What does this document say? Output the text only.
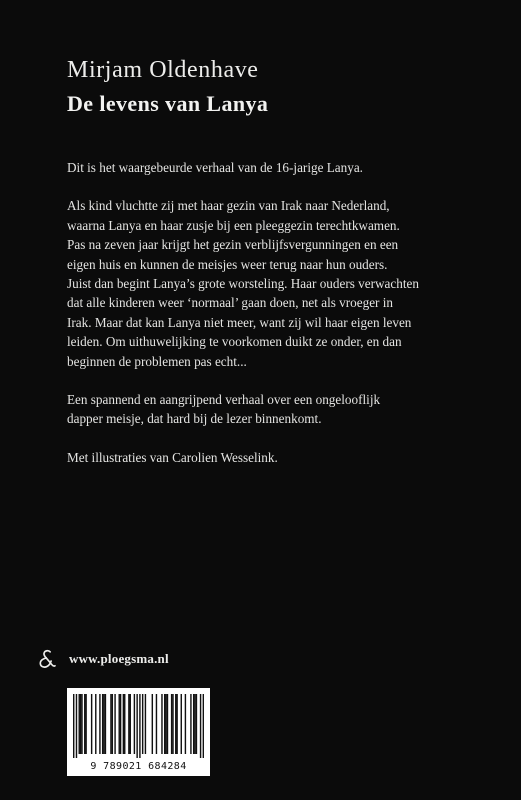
Mirjam Oldenhave
De levens van Lanya

Dit is het waargebeurde verhaal van de 16-jarige Lanya.

Als kind vluchtte zij met haar gezin van Irak naar Nederland,
waarna Lanya en haar zusje bij een pleeggezin terechtkwamen.
Pas na zeven jaar krijgt het gezin verblijfsvergunningen en een
eigen huis en kunnen de meisjes weer terug naar hun ouders.
Juist dan begint Lanya’s grote worsteling. Haar ouders verwachten
dat alle kinderen weer ‘normaal’ gaan doen, net als vroeger in
Irak. Maar dat kan Lanya niet meer, want zij wil haar eigen leven
leiden. Om uithuwelijking te voorkomen duikt ze onder, en dan
beginnen de problemen pas echt...

Een spannend en aangrijpend verhaal over een ongelooflijk
dapper meisje, dat hard bij de lezer binnenkomt.

Met illustraties van Carolien Wesselink.

www.ploegsma.nl
9 789021 684284
